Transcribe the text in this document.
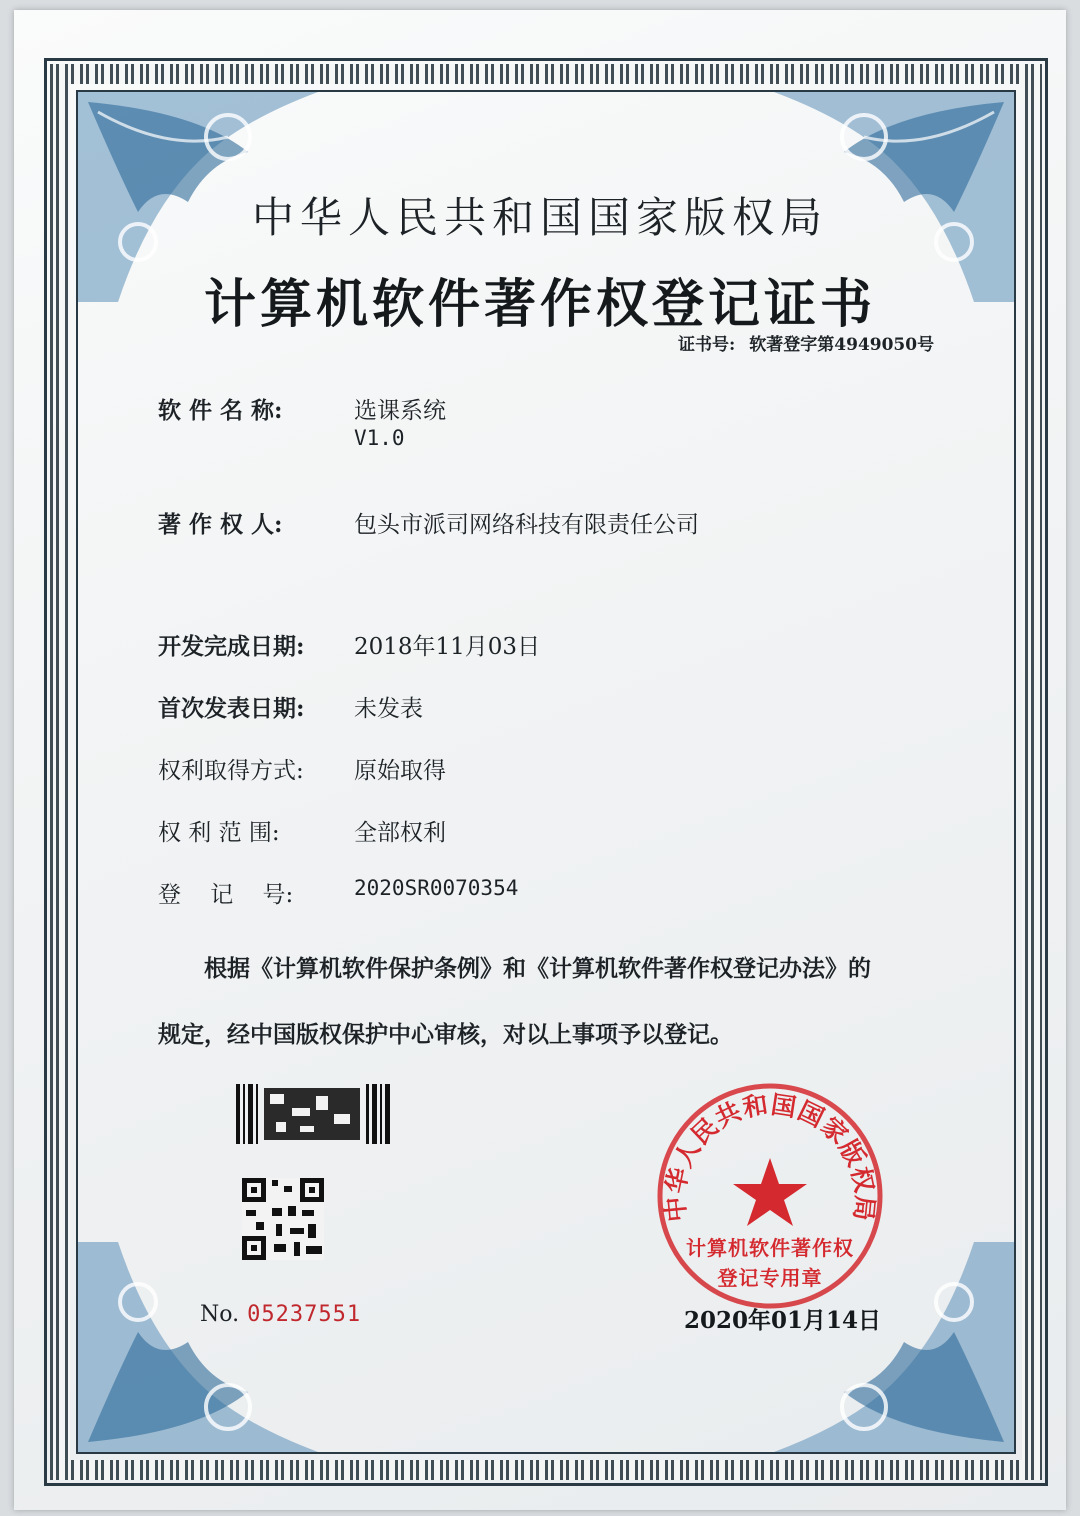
中华人民共和国国家版权局
计算机软件著作权登记证书
证书号: 软著登字第4949050号
软 件 名 称:	选课系统
V1.0
著 作 权 人:	包头市派司网络科技有限责任公司
开发完成日期: 2018年11月03日
首次发表日期: 未发表
权利取得方式: 原始取得
权 利 范 围:	全部权利
登    记    号:	2020SR0070354
根据《计算机软件保护条例》和《计算机软件著作权登记办法》的
规定，经中国版权保护中心审核，对以上事项予以登记。
No. 05237551
中华人民共和国国家版权局
计算机软件著作权
登记专用章
2020年01月14日
